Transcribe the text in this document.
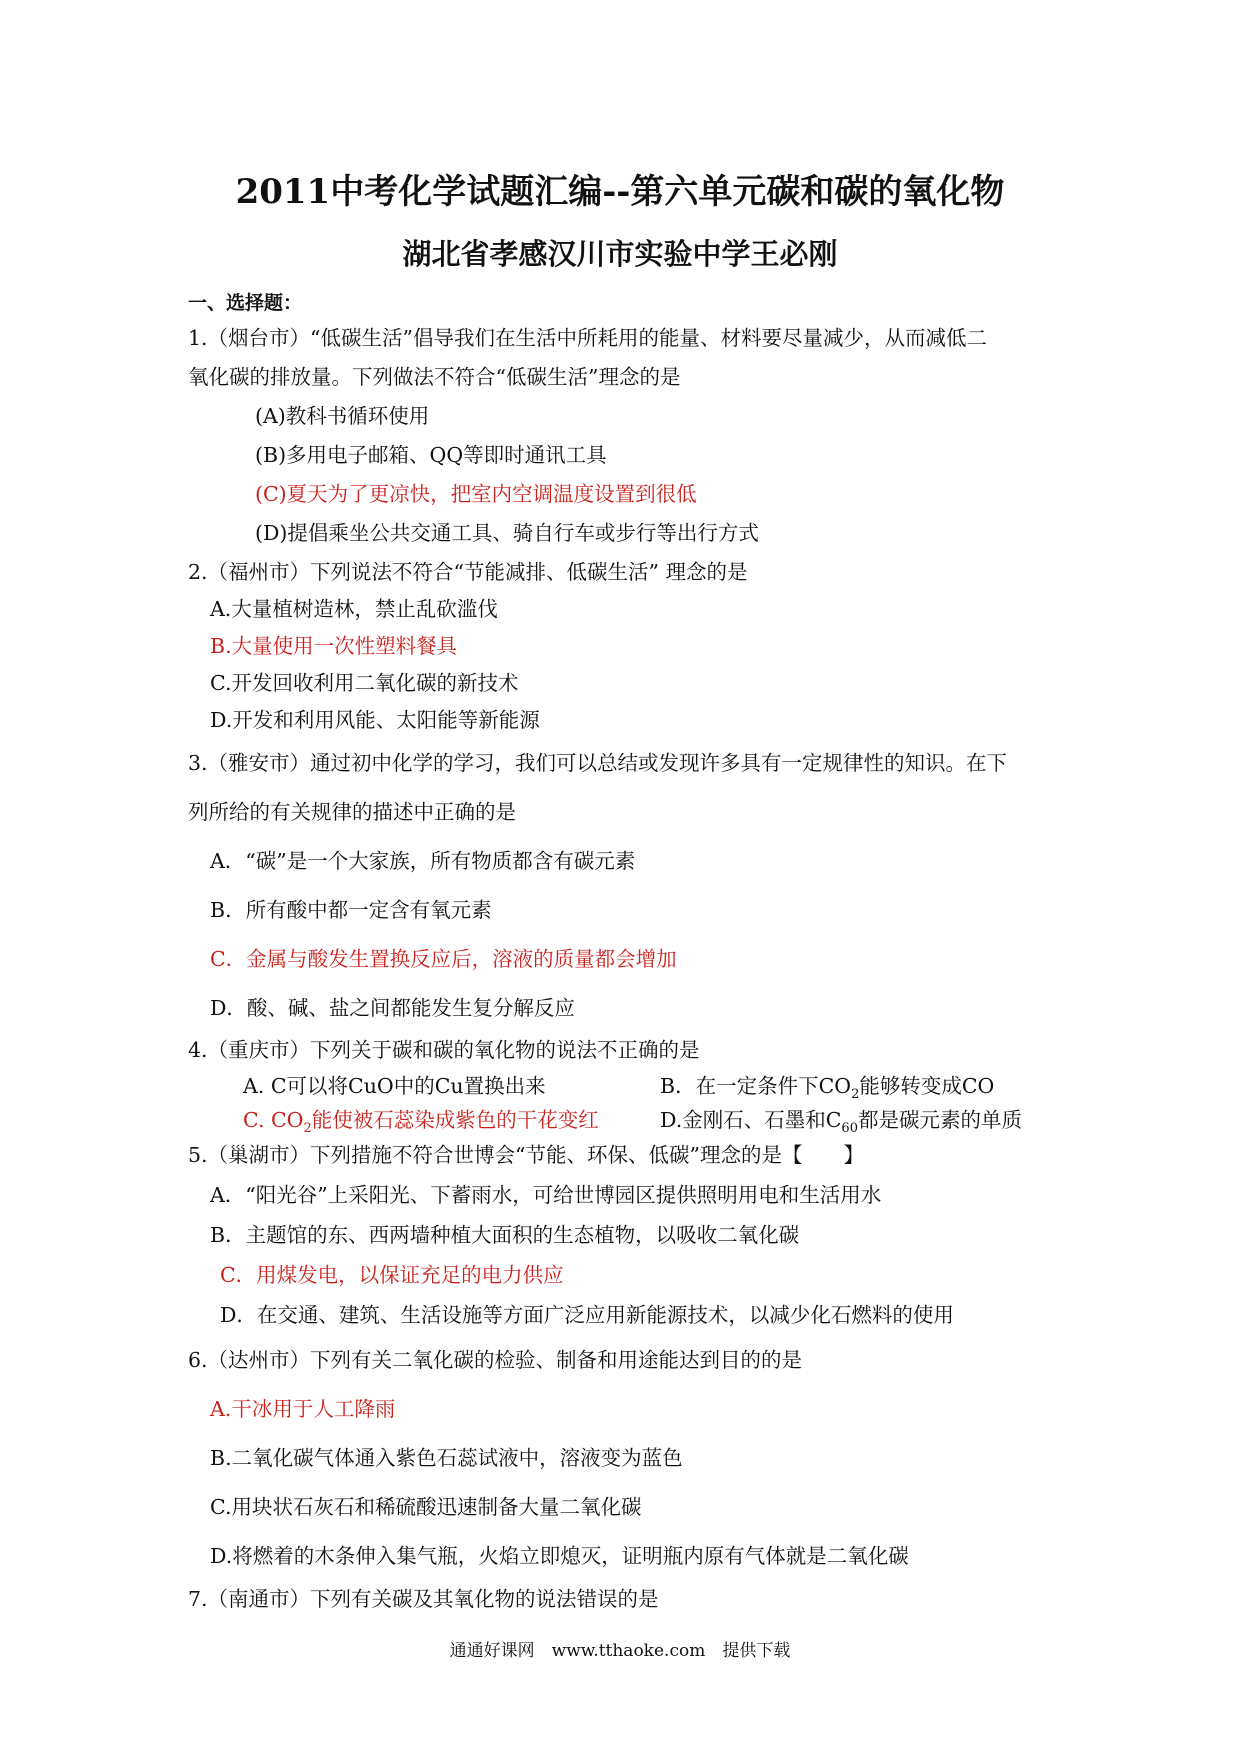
2011中考化学试题汇编--第六单元碳和碳的氧化物
湖北省孝感汉川市实验中学王必刚
一、选择题：
1.（烟台市）“低碳生活”倡导我们在生活中所耗用的能量、材料要尽量减少，从而减低二
氧化碳的排放量。下列做法不符合“低碳生活”理念的是
(A)教科书循环使用
(B)多用电子邮箱、QQ等即时通讯工具
(C)夏天为了更凉快，把室内空调温度设置到很低
(D)提倡乘坐公共交通工具、骑自行车或步行等出行方式
2.（福州市）下列说法不符合“节能减排、低碳生活” 理念的是
A.大量植树造林，禁止乱砍滥伐
B.大量使用一次性塑料餐具
C.开发回收利用二氧化碳的新技术
D.开发和利用风能、太阳能等新能源
3.（雅安市）通过初中化学的学习，我们可以总结或发现许多具有一定规律性的知识。在下
列所给的有关规律的描述中正确的是
A．“碳”是一个大家族，所有物质都含有碳元素
B．所有酸中都一定含有氧元素
C．金属与酸发生置换反应后，溶液的质量都会增加
D．酸、碱、盐之间都能发生复分解反应
4.（重庆市）下列关于碳和碳的氧化物的说法不正确的是
A. C可以将CuO中的Cu置换出来	B．在一定条件下$CO_2$能够转变成CO
C. $CO_2$能使被石蕊染成紫色的干花变红	D.金刚石、石墨和$C_{60}$都是碳元素的单质
5.（巢湖市）下列措施不符合世博会“节能、环保、低碳”理念的是【　　】
A．“阳光谷”上采阳光、下蓄雨水，可给世博园区提供照明用电和生活用水
B．主题馆的东、西两墙种植大面积的生态植物，以吸收二氧化碳
C．用煤发电，以保证充足的电力供应
D．在交通、建筑、生活设施等方面广泛应用新能源技术，以减少化石燃料的使用
6.（达州市）下列有关二氧化碳的检验、制备和用途能达到目的的是
A.干冰用于人工降雨
B.二氧化碳气体通入紫色石蕊试液中，溶液变为蓝色
C.用块状石灰石和稀硫酸迅速制备大量二氧化碳
D.将燃着的木条伸入集气瓶，火焰立即熄灭，证明瓶内原有气体就是二氧化碳
7.（南通市）下列有关碳及其氧化物的说法错误的是
通通好课网　www.tthaoke.com　提供下载
